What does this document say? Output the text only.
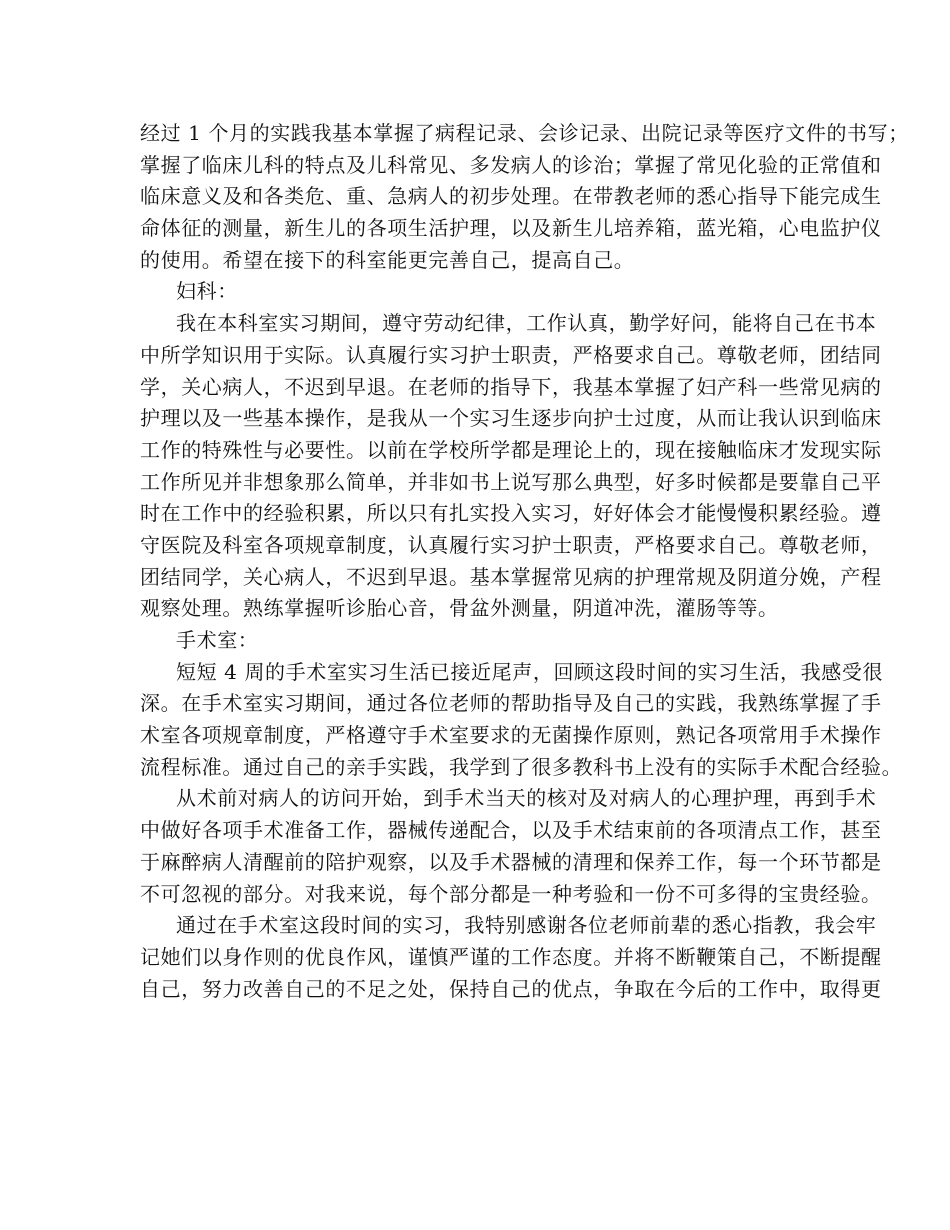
经过 1 个月的实践我基本掌握了病程记录、会诊记录、出院记录等医疗文件的书写；
掌握了临床儿科的特点及儿科常见、多发病人的诊治；掌握了常见化验的正常值和
临床意义及和各类危、重、急病人的初步处理。在带教老师的悉心指导下能完成生
命体征的测量，新生儿的各项生活护理，以及新生儿培养箱，蓝光箱，心电监护仪
的使用。希望在接下的科室能更完善自己，提高自己。
妇科：
我在本科室实习期间，遵守劳动纪律，工作认真，勤学好问，能将自己在书本
中所学知识用于实际。认真履行实习护士职责，严格要求自己。尊敬老师，团结同
学，关心病人，不迟到早退。在老师的指导下，我基本掌握了妇产科一些常见病的
护理以及一些基本操作，是我从一个实习生逐步向护士过度，从而让我认识到临床
工作的特殊性与必要性。以前在学校所学都是理论上的，现在接触临床才发现实际
工作所见并非想象那么简单，并非如书上说写那么典型，好多时候都是要靠自己平
时在工作中的经验积累，所以只有扎实投入实习，好好体会才能慢慢积累经验。遵
守医院及科室各项规章制度，认真履行实习护士职责，严格要求自己。尊敬老师，
团结同学，关心病人，不迟到早退。基本掌握常见病的护理常规及阴道分娩，产程
观察处理。熟练掌握听诊胎心音，骨盆外测量，阴道冲洗，灌肠等等。
手术室：
短短 4 周的手术室实习生活已接近尾声，回顾这段时间的实习生活，我感受很
深。在手术室实习期间，通过各位老师的帮助指导及自己的实践，我熟练掌握了手
术室各项规章制度，严格遵守手术室要求的无菌操作原则，熟记各项常用手术操作
流程标准。通过自己的亲手实践，我学到了很多教科书上没有的实际手术配合经验。
从术前对病人的访问开始，到手术当天的核对及对病人的心理护理，再到手术
中做好各项手术准备工作，器械传递配合，以及手术结束前的各项清点工作，甚至
于麻醉病人清醒前的陪护观察，以及手术器械的清理和保养工作，每一个环节都是
不可忽视的部分。对我来说，每个部分都是一种考验和一份不可多得的宝贵经验。
通过在手术室这段时间的实习，我特别感谢各位老师前辈的悉心指教，我会牢
记她们以身作则的优良作风，谨慎严谨的工作态度。并将不断鞭策自己，不断提醒
自己，努力改善自己的不足之处，保持自己的优点，争取在今后的工作中，取得更
